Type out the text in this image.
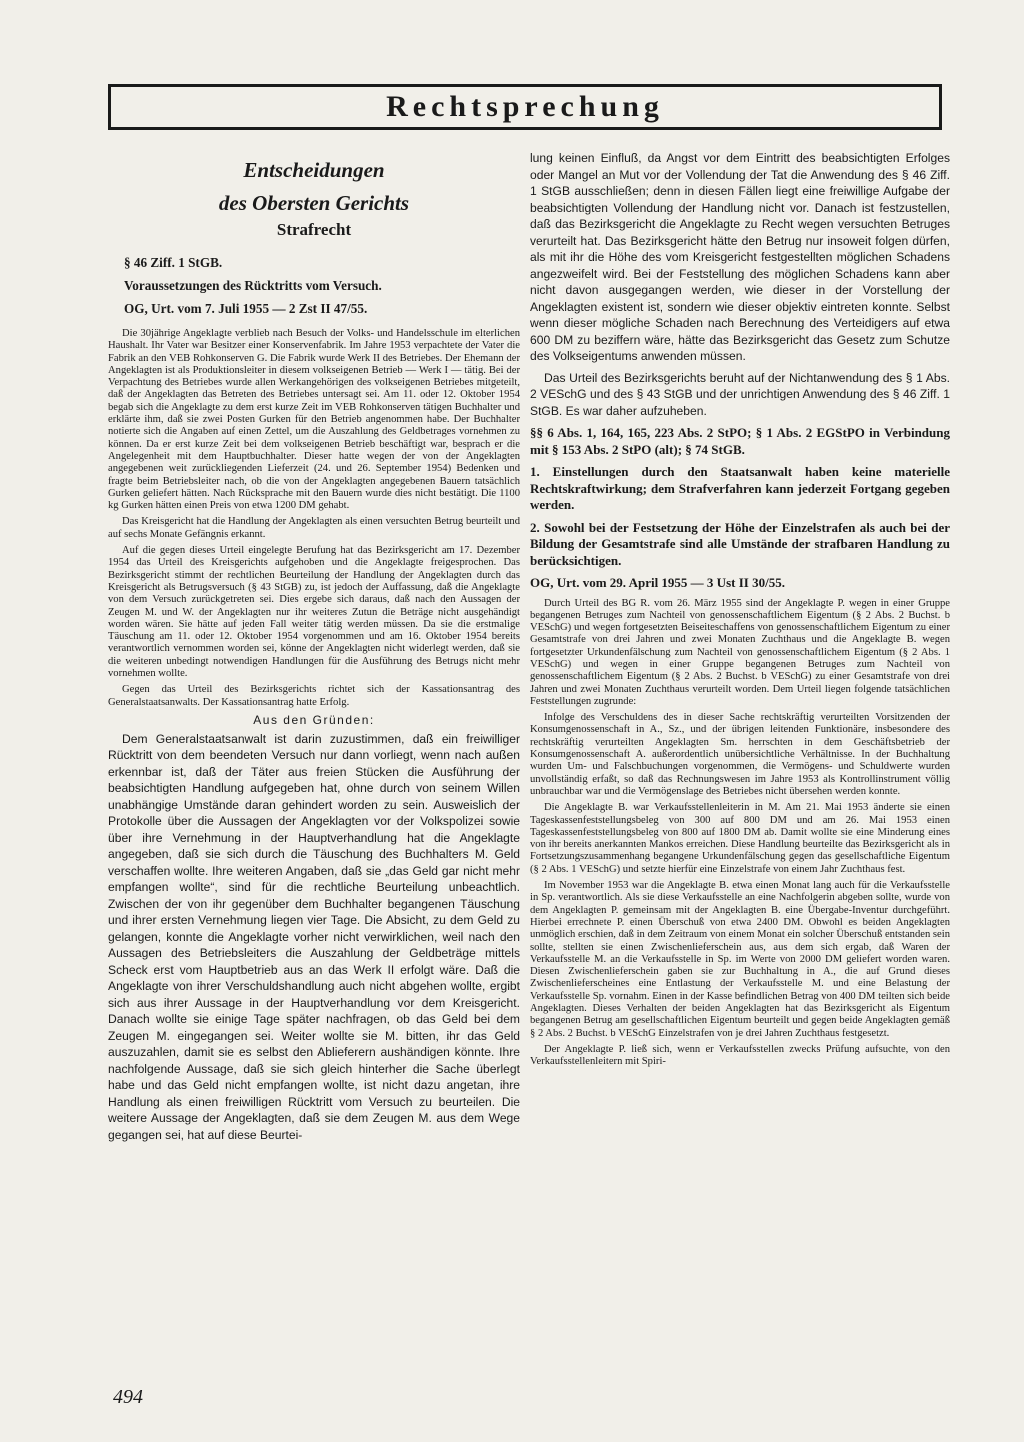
Rechtsprechung
Entscheidungen
des Obersten Gerichts
Strafrecht

§ 46 Ziff. 1 StGB.

Voraussetzungen des Rücktritts vom Versuch.

OG, Urt. vom 7. Juli 1955 — 2 Zst II 47/55.

Die 30jährige Angeklagte verblieb nach Besuch der Volks- und Handelsschule im elterlichen Haushalt. Ihr Vater war Besitzer einer Konservenfabrik. Im Jahre 1953 verpachtete der Vater die Fabrik an den VEB Rohkonserven G. Die Fabrik wurde Werk II des Betriebes. Der Ehemann der Angeklagten ist als Produktionsleiter in diesem volkseigenen Betrieb — Werk I — tätig. Bei der Verpachtung des Betriebes wurde allen Werkangehörigen des volkseigenen Betriebes mitgeteilt, daß der Angeklagten das Betreten des Betriebes untersagt sei. Am 11. oder 12. Oktober 1954 begab sich die Angeklagte zu dem erst kurze Zeit im VEB Rohkonserven tätigen Buchhalter und erklärte ihm, daß sie zwei Posten Gurken für den Betrieb angenommen habe. Der Buchhalter notierte sich die Angaben auf einen Zettel, um die Auszahlung des Geldbetrages vornehmen zu können. Da er erst kurze Zeit bei dem volkseigenen Betrieb beschäftigt war, besprach er die Angelegenheit mit dem Hauptbuchhalter. Dieser hatte wegen der von der Angeklagten angegebenen weit zurückliegenden Lieferzeit (24. und 26. September 1954) Bedenken und fragte beim Betriebsleiter nach, ob die von der Angeklagten angegebenen Bauern tatsächlich Gurken geliefert hätten. Nach Rücksprache mit den Bauern wurde dies nicht bestätigt. Die 1100 kg Gurken hätten einen Preis von etwa 1200 DM gehabt.

Das Kreisgericht hat die Handlung der Angeklagten als einen versuchten Betrug beurteilt und auf sechs Monate Gefängnis erkannt.

Auf die gegen dieses Urteil eingelegte Berufung hat das Bezirksgericht am 17. Dezember 1954 das Urteil des Kreisgerichts aufgehoben und die Angeklagte freigesprochen. Das Bezirksgericht stimmt der rechtlichen Beurteilung der Handlung der Angeklagten durch das Kreisgericht als Betrugsversuch (§ 43 StGB) zu, ist jedoch der Auffassung, daß die Angeklagte von dem Versuch zurückgetreten sei. Dies ergebe sich daraus, daß nach den Aussagen der Zeugen M. und W. der Angeklagten nur ihr weiteres Zutun die Beträge nicht ausgehändigt worden wären. Sie hätte auf jeden Fall weiter tätig werden müssen. Da sie die erstmalige Täuschung am 11. oder 12. Oktober 1954 vorgenommen und am 16. Oktober 1954 bereits verantwortlich vernommen worden sei, könne der Angeklagten nicht widerlegt werden, daß sie die weiteren unbedingt notwendigen Handlungen für die Ausführung des Betrugs nicht mehr vornehmen wollte.

Gegen das Urteil des Bezirksgerichts richtet sich der Kassationsantrag des Generalstaatsanwalts. Der Kassationsantrag hatte Erfolg.

Aus den Gründen:

Dem Generalstaatsanwalt ist darin zuzustimmen, daß ein freiwilliger Rücktritt von dem beendeten Versuch nur dann vorliegt, wenn nach außen erkennbar ist, daß der Täter aus freien Stücken die Ausführung der beabsichtigten Handlung aufgegeben hat, ohne durch von seinem Willen unabhängige Umstände daran gehindert worden zu sein. Ausweislich der Protokolle über die Aussagen der Angeklagten vor der Volkspolizei sowie über ihre Vernehmung in der Hauptverhandlung hat die Angeklagte angegeben, daß sie sich durch die Täuschung des Buchhalters M. Geld verschaffen wollte. Ihre weiteren Angaben, daß sie „das Geld gar nicht mehr empfangen wollte“, sind für die rechtliche Beurteilung unbeachtlich. Zwischen der von ihr gegenüber dem Buchhalter begangenen Täuschung und ihrer ersten Vernehmung liegen vier Tage. Die Absicht, zu dem Geld zu gelangen, konnte die Angeklagte vorher nicht verwirklichen, weil nach den Aussagen des Betriebsleiters die Auszahlung der Geldbeträge mittels Scheck erst vom Hauptbetrieb aus an das Werk II erfolgt wäre. Daß die Angeklagte von ihrer Verschuldshandlung auch nicht abgehen wollte, ergibt sich aus ihrer Aussage in der Hauptverhandlung vor dem Kreisgericht. Danach wollte sie einige Tage später nachfragen, ob das Geld bei dem Zeugen M. eingegangen sei. Weiter wollte sie M. bitten, ihr das Geld auszuzahlen, damit sie es selbst den Ablieferern aushändigen könnte. Ihre nachfolgende Aussage, daß sie sich gleich hinterher die Sache überlegt habe und das Geld nicht empfangen wollte, ist nicht dazu angetan, ihre Handlung als einen freiwilligen Rücktritt vom Versuch zu beurteilen. Die weitere Aussage der Angeklagten, daß sie dem Zeugen M. aus dem Wege gegangen sei, hat auf diese Beurtei-

lung keinen Einfluß, da Angst vor dem Eintritt des beabsichtigten Erfolges oder Mangel an Mut vor der Vollendung der Tat die Anwendung des § 46 Ziff. 1 StGB ausschließen; denn in diesen Fällen liegt eine freiwillige Aufgabe der beabsichtigten Vollendung der Handlung nicht vor. Danach ist festzustellen, daß das Bezirksgericht die Angeklagte zu Recht wegen versuchten Betruges verurteilt hat. Das Bezirksgericht hätte den Betrug nur insoweit folgen dürfen, als mit ihr die Höhe des vom Kreisgericht festgestellten möglichen Schadens angezweifelt wird. Bei der Feststellung des möglichen Schadens kann aber nicht davon ausgegangen werden, wie dieser in der Vorstellung der Angeklagten existent ist, sondern wie dieser objektiv eintreten konnte. Selbst wenn dieser mögliche Schaden nach Berechnung des Verteidigers auf etwa 600 DM zu beziffern wäre, hätte das Bezirksgericht das Gesetz zum Schutze des Volkseigentums anwenden müssen.

Das Urteil des Bezirksgerichts beruht auf der Nichtanwendung des § 1 Abs. 2 VESchG und des § 43 StGB und der unrichtigen Anwendung des § 46 Ziff. 1 StGB. Es war daher aufzuheben.

§§ 6 Abs. 1, 164, 165, 223 Abs. 2 StPO; § 1 Abs. 2 EGStPO in Verbindung mit § 153 Abs. 2 StPO (alt); § 74 StGB.

1. Einstellungen durch den Staatsanwalt haben keine materielle Rechtskraftwirkung; dem Strafverfahren kann jederzeit Fortgang gegeben werden.

2. Sowohl bei der Festsetzung der Höhe der Einzelstrafen als auch bei der Bildung der Gesamtstrafe sind alle Umstände der strafbaren Handlung zu berücksichtigen.

OG, Urt. vom 29. April 1955 — 3 Ust II 30/55.

Durch Urteil des BG R. vom 26. März 1955 sind der Angeklagte P. wegen in einer Gruppe begangenen Betruges zum Nachteil von genossenschaftlichem Eigentum (§ 2 Abs. 2 Buchst. b VESchG) und wegen fortgesetzten Beiseiteschaffens von genossenschaftlichem Eigentum zu einer Gesamtstrafe von drei Jahren und zwei Monaten Zuchthaus und die Angeklagte B. wegen fortgesetzter Urkundenfälschung zum Nachteil von genossenschaftlichem Eigentum (§ 2 Abs. 1 VESchG) und wegen in einer Gruppe begangenen Betruges zum Nachteil von genossenschaftlichem Eigentum (§ 2 Abs. 2 Buchst. b VESchG) zu einer Gesamtstrafe von drei Jahren und zwei Monaten Zuchthaus verurteilt worden. Dem Urteil liegen folgende tatsächlichen Feststellungen zugrunde:

Infolge des Verschuldens des in dieser Sache rechtskräftig verurteilten Vorsitzenden der Konsumgenossenschaft in A., Sz., und der übrigen leitenden Funktionäre, insbesondere des rechtskräftig verurteilten Angeklagten Sm. herrschten in dem Geschäftsbetrieb der Konsumgenossenschaft A. außerordentlich unübersichtliche Verhältnisse. In der Buchhaltung wurden Um- und Falschbuchungen vorgenommen, die Vermögens- und Schuldwerte wurden unvollständig erfaßt, so daß das Rechnungswesen im Jahre 1953 als Kontrollinstrument völlig unbrauchbar war und die Vermögenslage des Betriebes nicht übersehen werden konnte.

Die Angeklagte B. war Verkaufsstellenleiterin in M. Am 21. Mai 1953 änderte sie einen Tageskassenfeststellungsbeleg von 300 auf 800 DM und am 26. Mai 1953 einen Tageskassenfeststellungsbeleg von 800 auf 1800 DM ab. Damit wollte sie eine Minderung eines von ihr bereits anerkannten Mankos erreichen. Diese Handlung beurteilte das Bezirksgericht als in Fortsetzungszusammenhang begangene Urkundenfälschung gegen das gesellschaftliche Eigentum (§ 2 Abs. 1 VESchG) und setzte hierfür eine Einzelstrafe von einem Jahr Zuchthaus fest.

Im November 1953 war die Angeklagte B. etwa einen Monat lang auch für die Verkaufsstelle in Sp. verantwortlich. Als sie diese Verkaufsstelle an eine Nachfolgerin abgeben sollte, wurde von dem Angeklagten P. gemeinsam mit der Angeklagten B. eine Übergabe-Inventur durchgeführt. Hierbei errechnete P. einen Überschuß von etwa 2400 DM. Obwohl es beiden Angeklagten unmöglich erschien, daß in dem Zeitraum von einem Monat ein solcher Überschuß entstanden sein sollte, stellten sie einen Zwischenlieferschein aus, aus dem sich ergab, daß Waren der Verkaufsstelle M. an die Verkaufsstelle in Sp. im Werte von 2000 DM geliefert worden waren. Diesen Zwischenlieferschein gaben sie zur Buchhaltung in A., die auf Grund dieses Zwischenlieferscheines eine Entlastung der Verkaufsstelle M. und eine Belastung der Verkaufsstelle Sp. vornahm. Einen in der Kasse befindlichen Betrag von 400 DM teilten sich beide Angeklagten. Dieses Verhalten der beiden Angeklagten hat das Bezirksgericht als Eigentum begangenen Betrug am gesellschaftlichen Eigentum beurteilt und gegen beide Angeklagten gemäß § 2 Abs. 2 Buchst. b VESchG Einzelstrafen von je drei Jahren Zuchthaus festgesetzt.

Der Angeklagte P. ließ sich, wenn er Verkaufsstellen zwecks Prüfung aufsuchte, von den Verkaufsstellenleitern mit Spiri-

494
